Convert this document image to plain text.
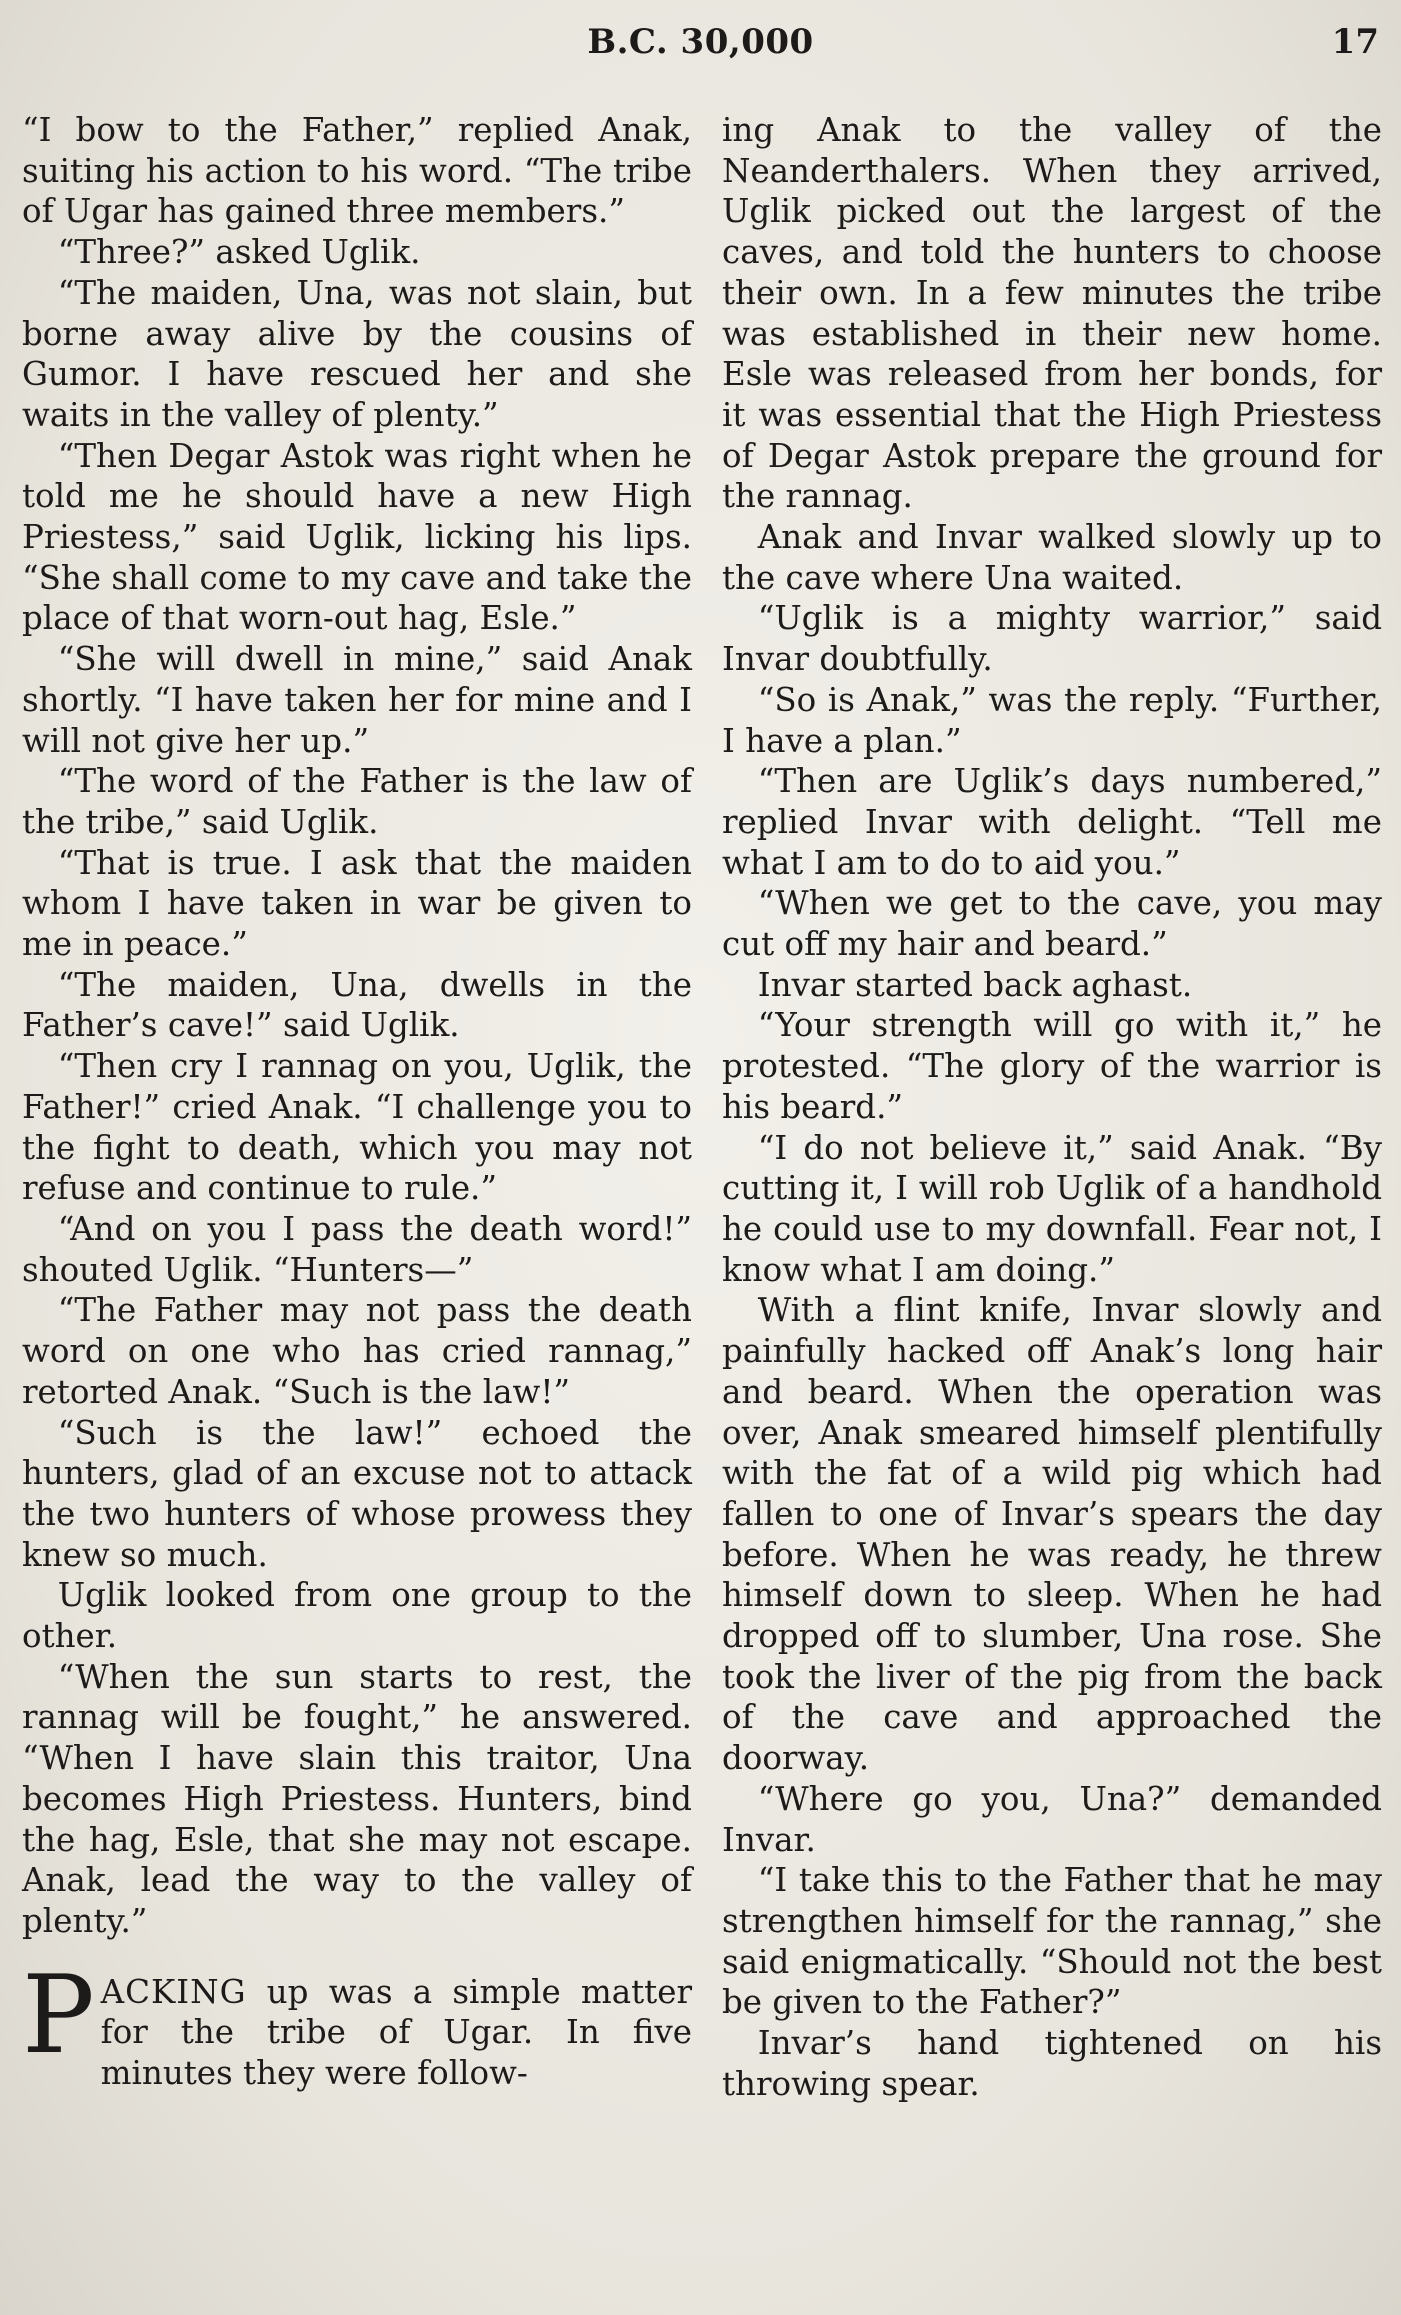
B.C. 30,000	17

“I bow to the Father,” replied Anak, suiting his action to his word. “The tribe of Ugar has gained three members.”

“Three?” asked Uglik.

“The maiden, Una, was not slain, but borne away alive by the cousins of Gumor. I have rescued her and she waits in the valley of plenty.”

“Then Degar Astok was right when he told me he should have a new High Priestess,” said Uglik, licking his lips. “She shall come to my cave and take the place of that worn-out hag, Esle.”

“She will dwell in mine,” said Anak shortly. “I have taken her for mine and I will not give her up.”

“The word of the Father is the law of the tribe,” said Uglik.

“That is true. I ask that the maiden whom I have taken in war be given to me in peace.”

“The maiden, Una, dwells in the Father’s cave!” said Uglik.

“Then cry I rannag on you, Uglik, the Father!” cried Anak. “I challenge you to the fight to death, which you may not refuse and continue to rule.”

“And on you I pass the death word!” shouted Uglik. “Hunters—”

“The Father may not pass the death word on one who has cried rannag,” retorted Anak. “Such is the law!”

“Such is the law!” echoed the hunters, glad of an excuse not to attack the two hunters of whose prowess they knew so much.

Uglik looked from one group to the other.

“When the sun starts to rest, the rannag will be fought,” he answered. “When I have slain this traitor, Una becomes High Priestess. Hunters, bind the hag, Esle, that she may not escape. Anak, lead the way to the valley of plenty.”

PACKING up was a simple matter for the tribe of Ugar. In five minutes they were follow-

ing Anak to the valley of the Neanderthalers. When they arrived, Uglik picked out the largest of the caves, and told the hunters to choose their own. In a few minutes the tribe was established in their new home. Esle was released from her bonds, for it was essential that the High Priestess of Degar Astok prepare the ground for the rannag.

Anak and Invar walked slowly up to the cave where Una waited.

“Uglik is a mighty warrior,” said Invar doubtfully.

“So is Anak,” was the reply. “Further, I have a plan.”

“Then are Uglik’s days numbered,” replied Invar with delight. “Tell me what I am to do to aid you.”

“When we get to the cave, you may cut off my hair and beard.”

Invar started back aghast.

“Your strength will go with it,” he protested. “The glory of the warrior is his beard.”

“I do not believe it,” said Anak. “By cutting it, I will rob Uglik of a handhold he could use to my downfall. Fear not, I know what I am doing.”

With a flint knife, Invar slowly and painfully hacked off Anak’s long hair and beard. When the operation was over, Anak smeared himself plentifully with the fat of a wild pig which had fallen to one of Invar’s spears the day before. When he was ready, he threw himself down to sleep. When he had dropped off to slumber, Una rose. She took the liver of the pig from the back of the cave and approached the doorway.

“Where go you, Una?” demanded Invar.

“I take this to the Father that he may strengthen himself for the rannag,” she said enigmatically. “Should not the best be given to the Father?”

Invar’s hand tightened on his throwing spear.
